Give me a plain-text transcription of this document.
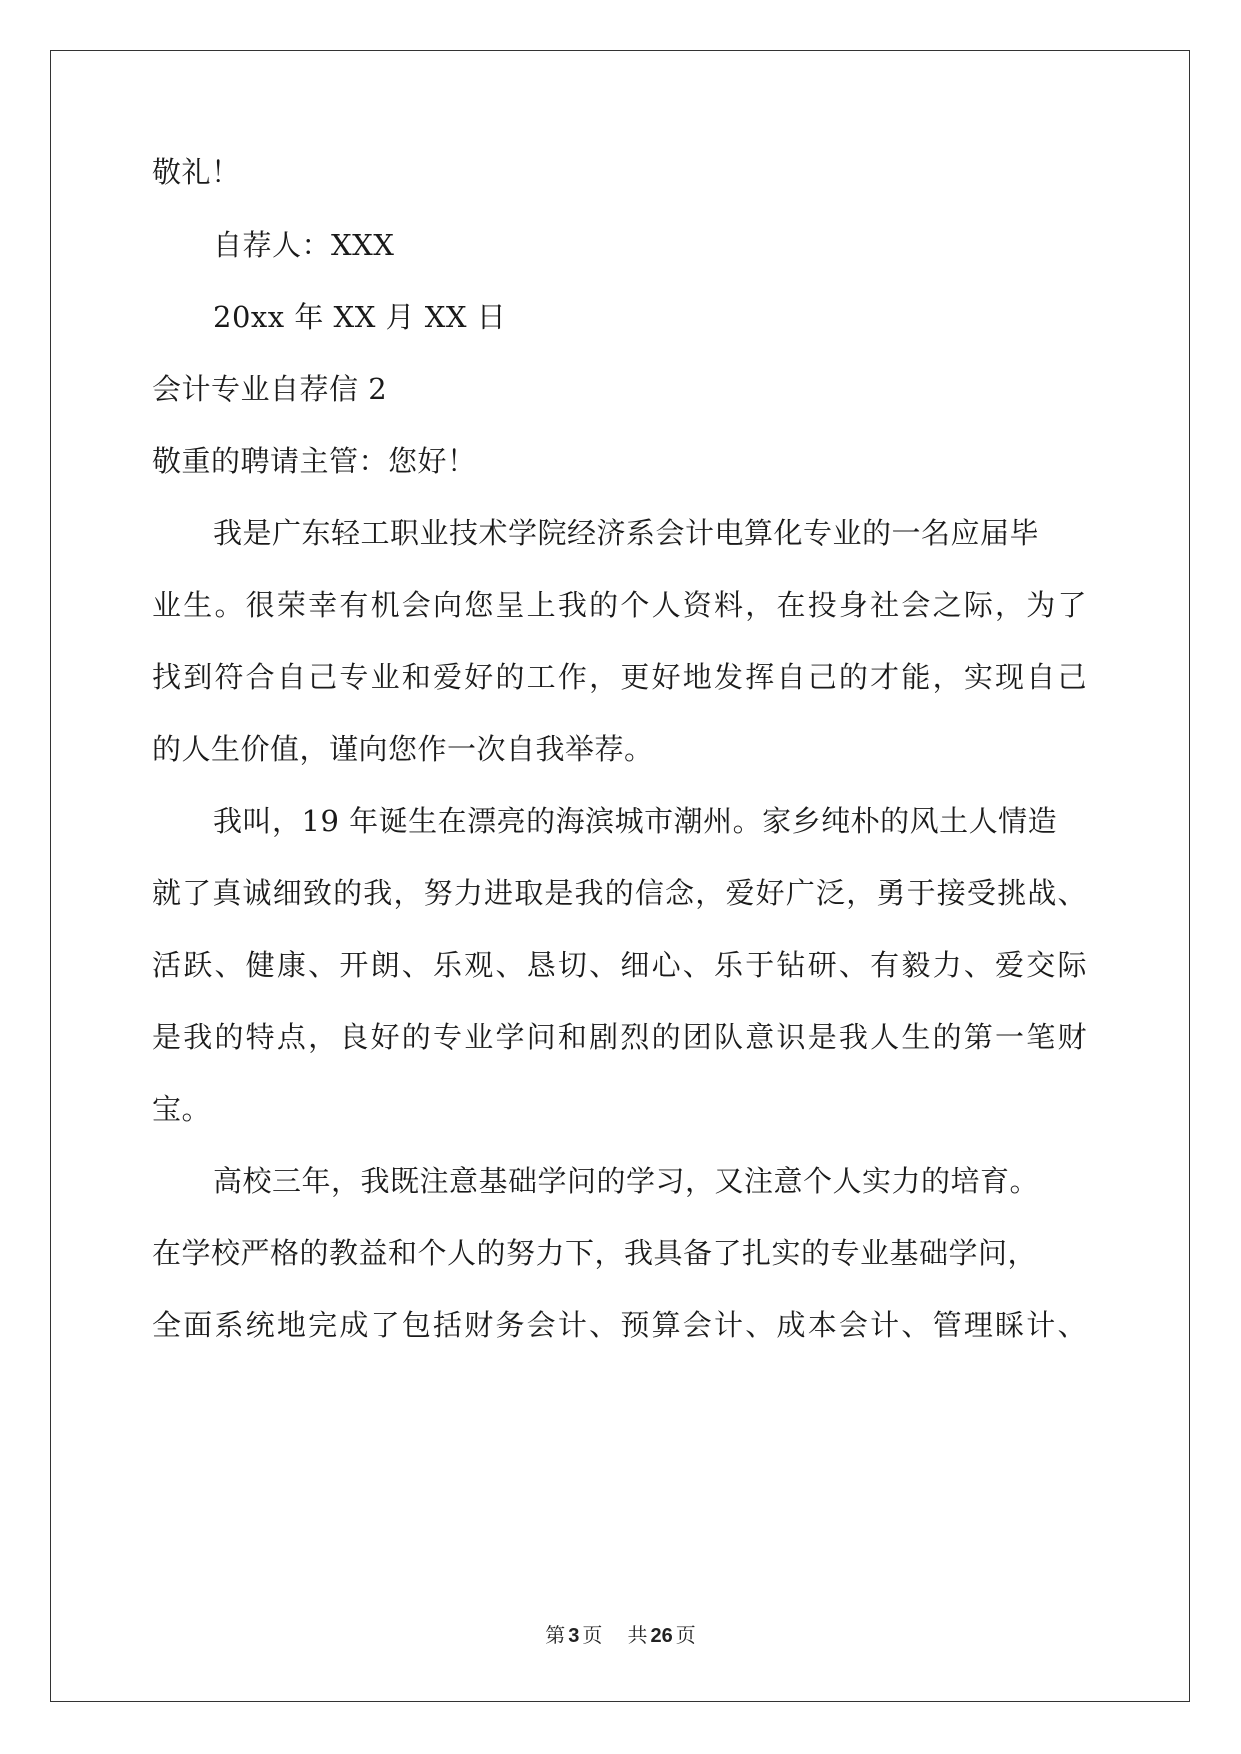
敬礼！
自荐人：XXX
20xx 年 XX 月 XX 日
会计专业自荐信 2
敬重的聘请主管：您好！
我是广东轻工职业技术学院经济系会计电算化专业的一名应届毕
业生。很荣幸有机会向您呈上我的个人资料，在投身社会之际，为了
找到符合自己专业和爱好的工作，更好地发挥自己的才能，实现自己
的人生价值，谨向您作一次自我举荐。
我叫，19 年诞生在漂亮的海滨城市潮州。家乡纯朴的风土人情造
就了真诚细致的我，努力进取是我的信念，爱好广泛，勇于接受挑战、
活跃、健康、开朗、乐观、恳切、细心、乐于钻研、有毅力、爱交际
是我的特点，良好的专业学问和剧烈的团队意识是我人生的第一笔财
宝。
高校三年，我既注意基础学问的学习，又注意个人实力的培育。
在学校严格的教益和个人的努力下，我具备了扎实的专业基础学问，
全面系统地完成了包括财务会计、预算会计、成本会计、管理睬计、
第 3 页 共 26 页
